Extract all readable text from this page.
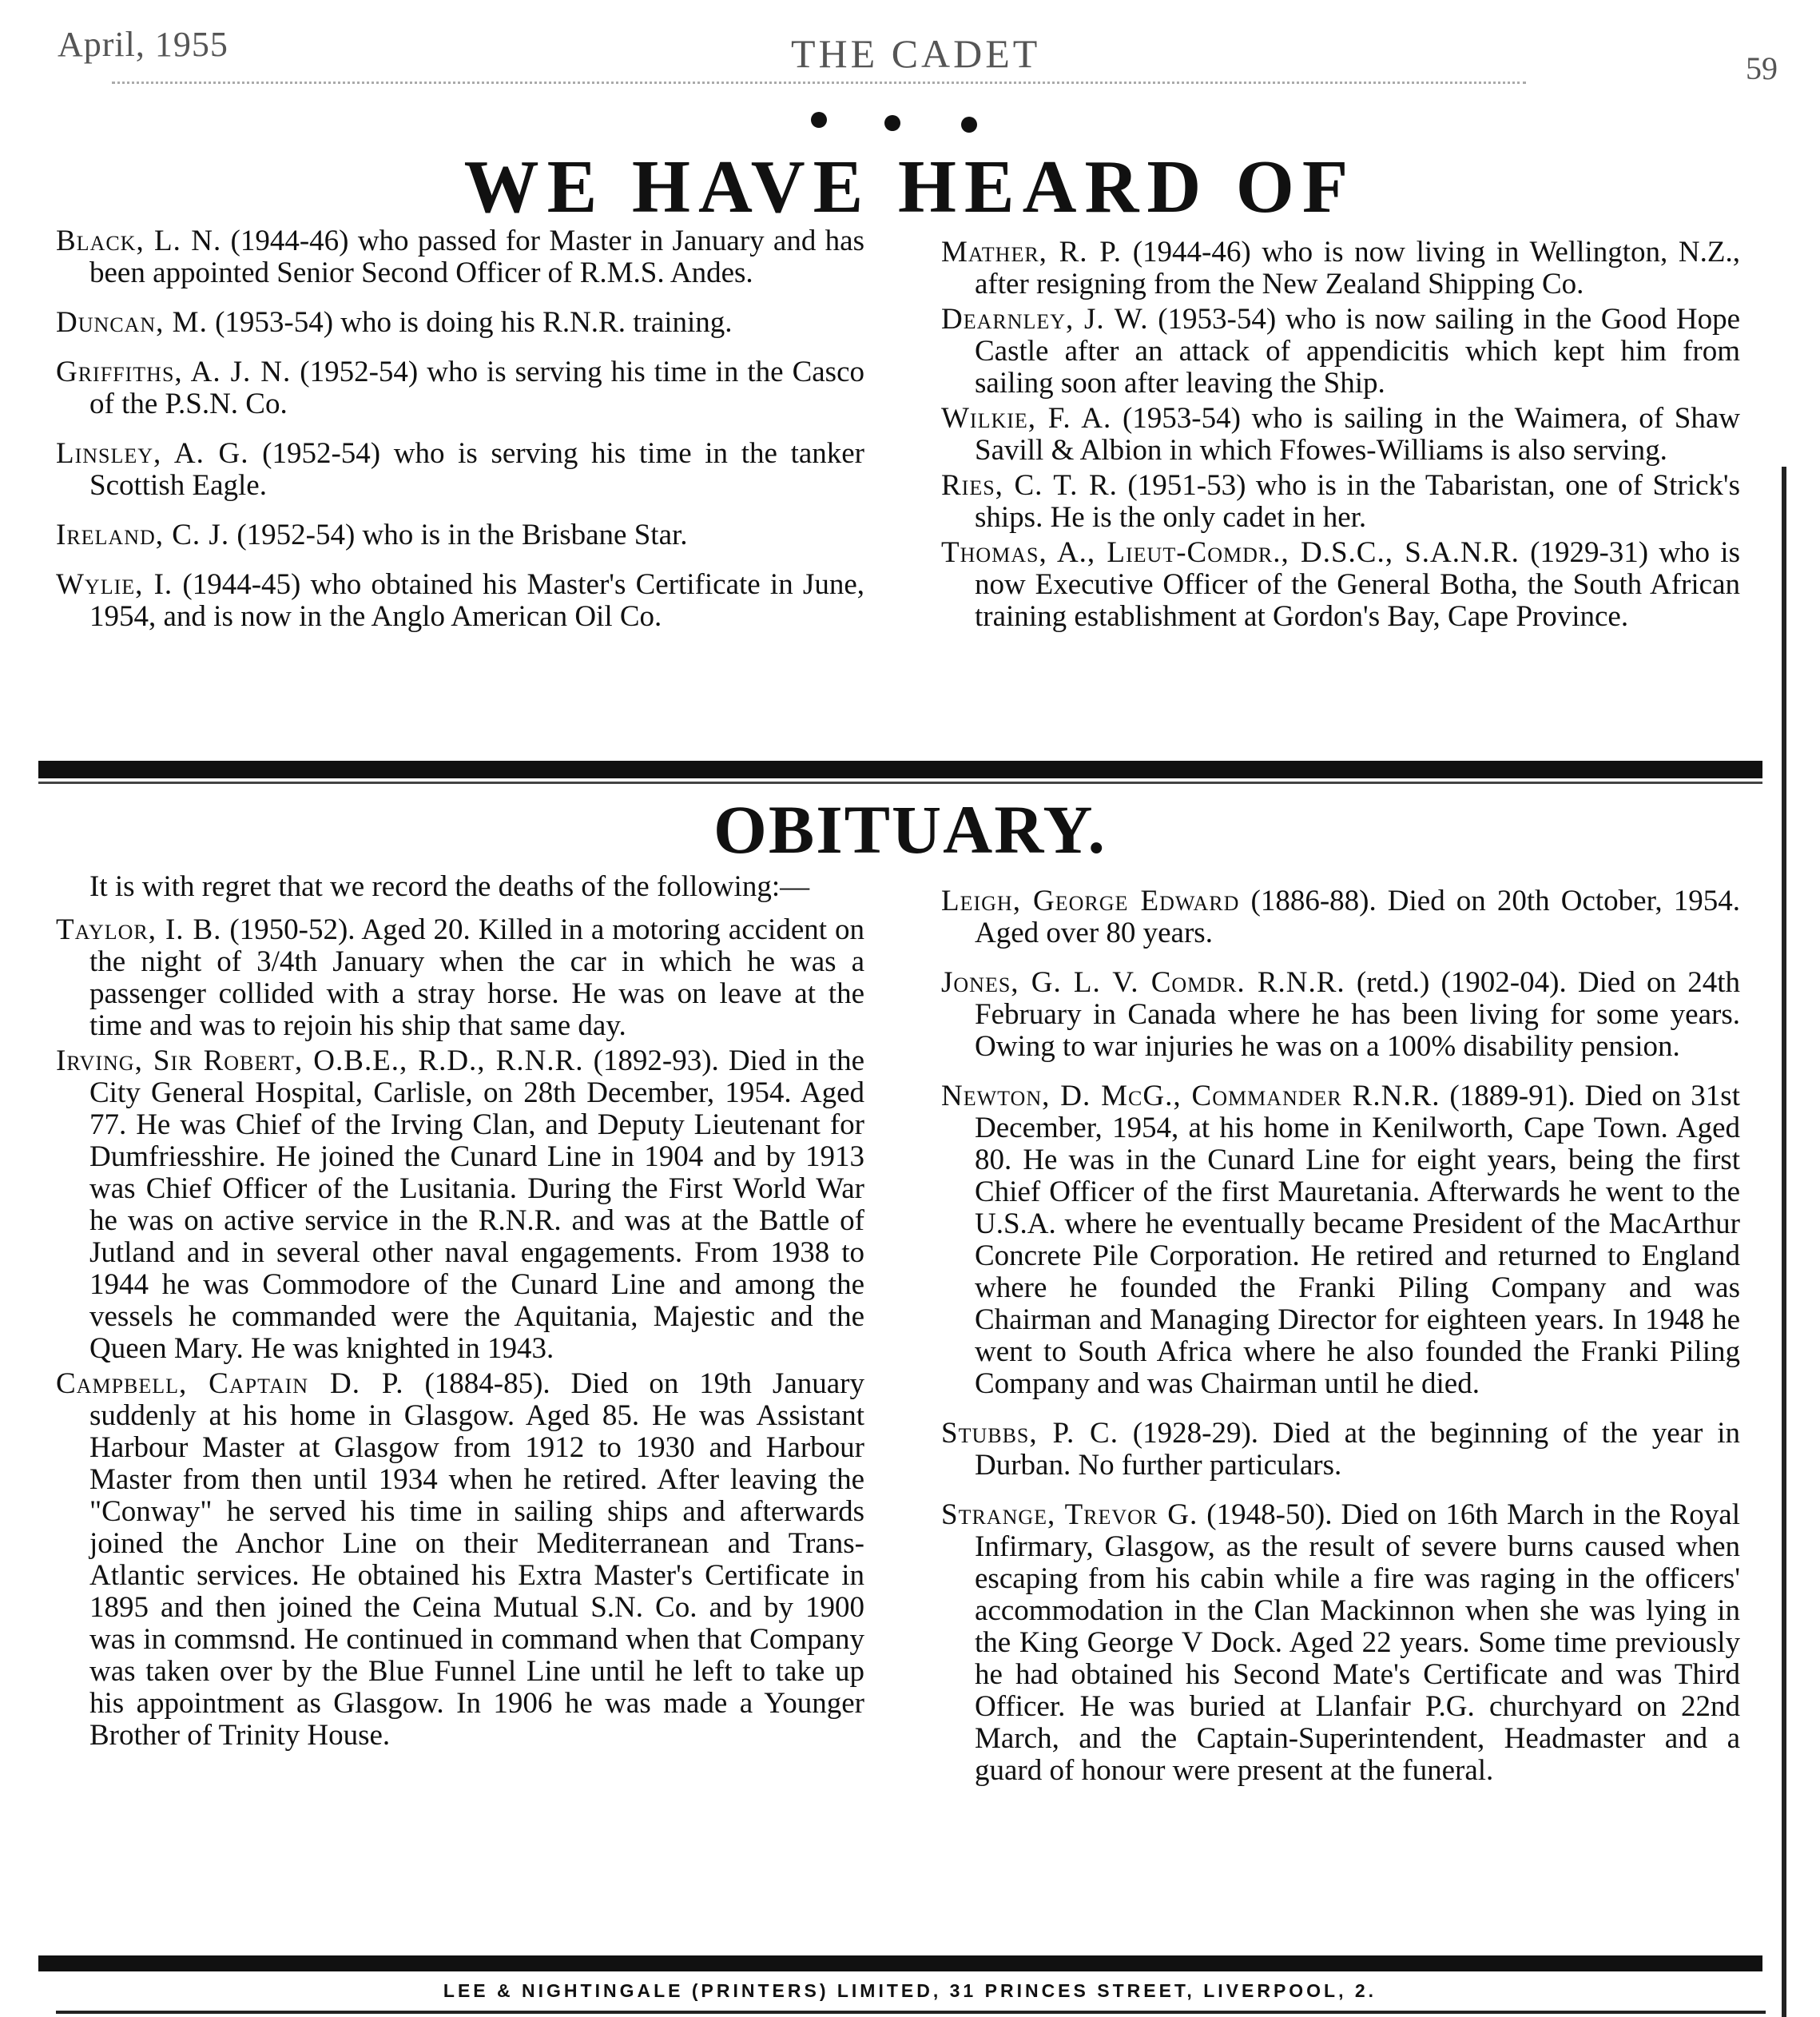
April, 1955	THE CADET	59
WE HAVE HEARD OF

Black, L. N. (1944-46) who passed for Master in January and has been appointed Senior Second Officer of R.M.S. Andes.

Duncan, M. (1953-54) who is doing his R.N.R. training.

Griffiths, A. J. N. (1952-54) who is serving his time in the Casco of the P.S.N. Co.

Linsley, A. G. (1952-54) who is serving his time in the tanker Scottish Eagle.

Ireland, C. J. (1952-54) who is in the Brisbane Star.

Wylie, I. (1944-45) who obtained his Master's Certificate in June, 1954, and is now in the Anglo American Oil Co.

Mather, R. P. (1944-46) who is now living in Wellington, N.Z., after resigning from the New Zealand Shipping Co.

Dearnley, J. W. (1953-54) who is now sailing in the Good Hope Castle after an attack of appendicitis which kept him from sailing soon after leaving the Ship.

Wilkie, F. A. (1953-54) who is sailing in the Waimera, of Shaw Savill & Albion in which Ffowes-Williams is also serving.

Ries, C. T. R. (1951-53) who is in the Tabaristan, one of Strick's ships. He is the only cadet in her.

Thomas, A., Lieut-Comdr., D.S.C., S.A.N.R. (1929-31) who is now Executive Officer of the General Botha, the South African training establishment at Gordon's Bay, Cape Province.

OBITUARY.

It is with regret that we record the deaths of the following:—

Taylor, I. B. (1950-52). Aged 20. Killed in a motoring accident on the night of 3/4th January when the car in which he was a passenger collided with a stray horse. He was on leave at the time and was to rejoin his ship that same day.

Irving, Sir Robert, O.B.E., R.D., R.N.R. (1892-93). Died in the City General Hospital, Carlisle, on 28th December, 1954. Aged 77. He was Chief of the Irving Clan, and Deputy Lieutenant for Dumfriesshire. He joined the Cunard Line in 1904 and by 1913 was Chief Officer of the Lusitania. During the First World War he was on active service in the R.N.R. and was at the Battle of Jutland and in several other naval engagements. From 1938 to 1944 he was Commodore of the Cunard Line and among the vessels he commanded were the Aquitania, Majestic and the Queen Mary. He was knighted in 1943.

Campbell, Captain D. P. (1884-85). Died on 19th January suddenly at his home in Glasgow. Aged 85. He was Assistant Harbour Master at Glasgow from 1912 to 1930 and Harbour Master from then until 1934 when he retired. After leaving the "Conway" he served his time in sailing ships and afterwards joined the Anchor Line on their Mediterranean and Trans-Atlantic services. He obtained his Extra Master's Certificate in 1895 and then joined the Ceina Mutual S.N. Co. and by 1900 was in commsnd. He continued in command when that Company was taken over by the Blue Funnel Line until he left to take up his appointment as Glasgow. In 1906 he was made a Younger Brother of Trinity House.

Leigh, George Edward (1886-88). Died on 20th October, 1954. Aged over 80 years.

Jones, G. L. V. Comdr. R.N.R. (retd.) (1902-04). Died on 24th February in Canada where he has been living for some years. Owing to war injuries he was on a 100% disability pension.

Newton, D. McG., Commander R.N.R. (1889-91). Died on 31st December, 1954, at his home in Kenilworth, Cape Town. Aged 80. He was in the Cunard Line for eight years, being the first Chief Officer of the first Mauretania. Afterwards he went to the U.S.A. where he eventually became President of the MacArthur Concrete Pile Corporation. He retired and returned to England where he founded the Franki Piling Company and was Chairman and Managing Director for eighteen years. In 1948 he went to South Africa where he also founded the Franki Piling Company and was Chairman until he died.

Stubbs, P. C. (1928-29). Died at the beginning of the year in Durban. No further particulars.

Strange, Trevor G. (1948-50). Died on 16th March in the Royal Infirmary, Glasgow, as the result of severe burns caused when escaping from his cabin while a fire was raging in the officers' accommodation in the Clan Mackinnon when she was lying in the King George V Dock. Aged 22 years. Some time previously he had obtained his Second Mate's Certificate and was Third Officer. He was buried at Llanfair P.G. churchyard on 22nd March, and the Captain-Superintendent, Headmaster and a guard of honour were present at the funeral.

LEE & NIGHTINGALE (PRINTERS) LIMITED, 31 PRINCES STREET, LIVERPOOL, 2.
